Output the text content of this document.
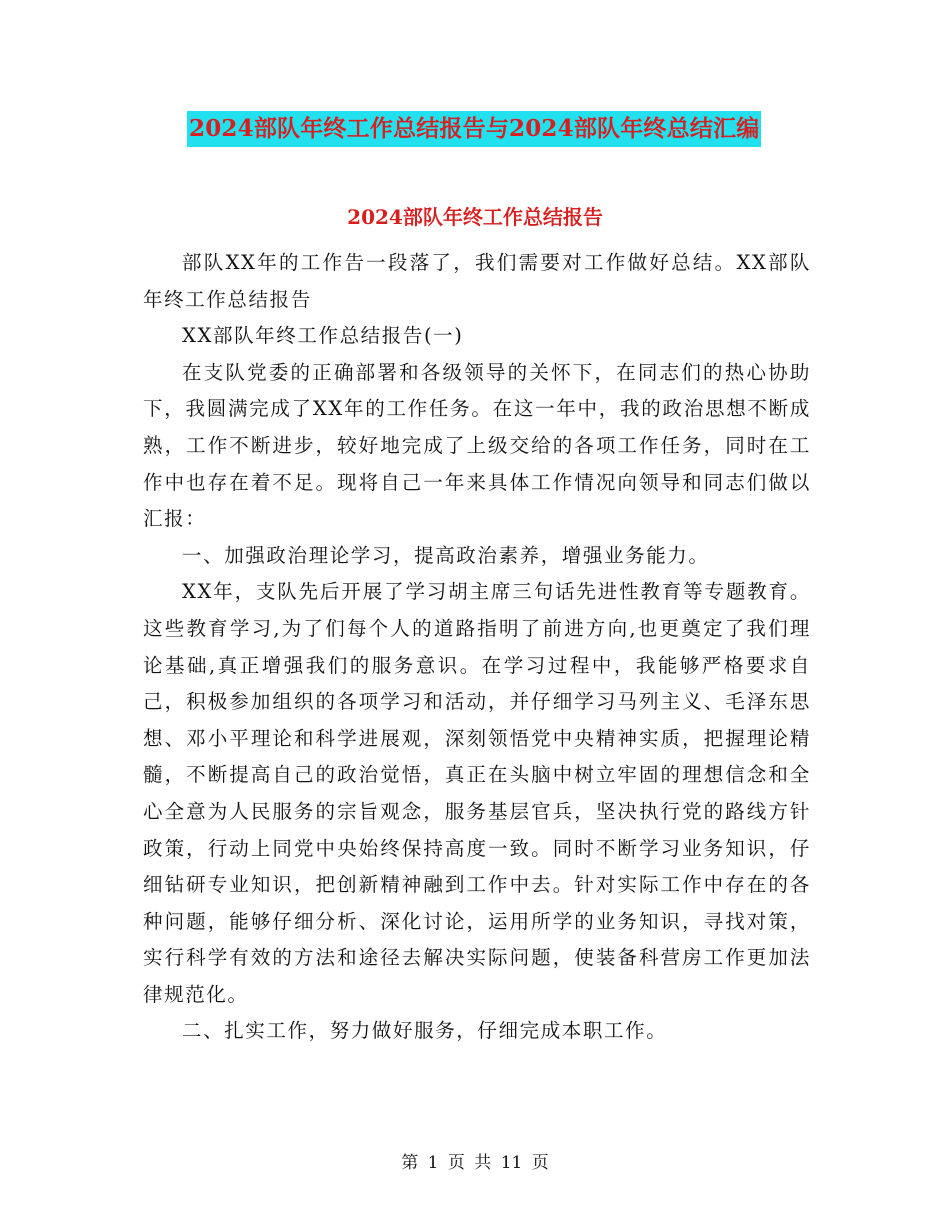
2024部队年终工作总结报告与2024部队年终总结汇编
2024部队年终工作总结报告

部队XX年的工作告一段落了，我们需要对工作做好总结。XX部队年终工作总结报告

XX部队年终工作总结报告(一)

在支队党委的正确部署和各级领导的关怀下，在同志们的热心协助下，我圆满完成了XX年的工作任务。在这一年中，我的政治思想不断成熟，工作不断进步，较好地完成了上级交给的各项工作任务，同时在工作中也存在着不足。现将自己一年来具体工作情况向领导和同志们做以汇报：

一、加强政治理论学习，提高政治素养，增强业务能力。

XX年，支队先后开展了学习胡主席三句话先进性教育等专题教育。这些教育学习,为了们每个人的道路指明了前进方向,也更奠定了我们理论基础,真正增强我们的服务意识。在学习过程中，我能够严格要求自己，积极参加组织的各项学习和活动，并仔细学习马列主义、毛泽东思想、邓小平理论和科学进展观，深刻领悟党中央精神实质，把握理论精髓，不断提高自己的政治觉悟，真正在头脑中树立牢固的理想信念和全心全意为人民服务的宗旨观念，服务基层官兵，坚决执行党的路线方针政策，行动上同党中央始终保持高度一致。同时不断学习业务知识，仔细钻研专业知识，把创新精神融到工作中去。针对实际工作中存在的各种问题，能够仔细分析、深化讨论，运用所学的业务知识，寻找对策，实行科学有效的方法和途径去解决实际问题，使装备科营房工作更加法律规范化。

二、扎实工作，努力做好服务，仔细完成本职工作。

第 1 页 共 11 页
